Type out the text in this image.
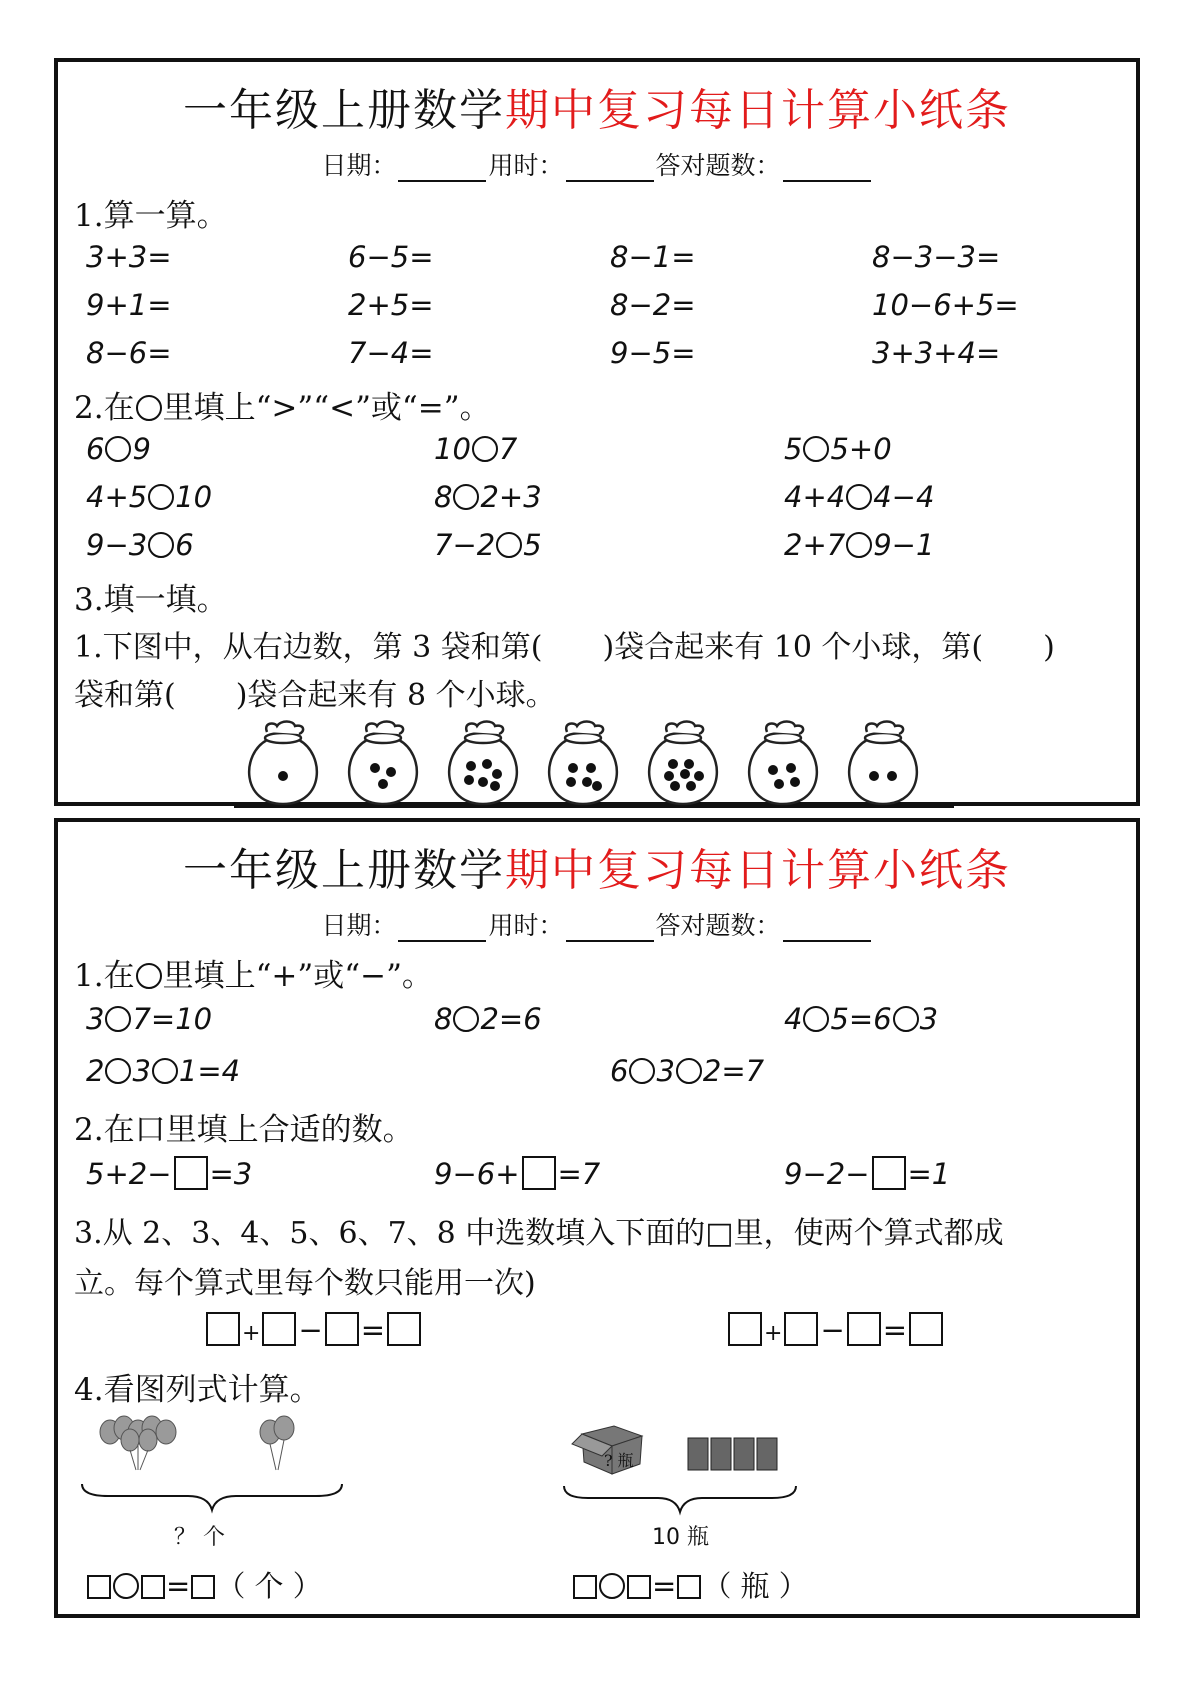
一年级上册数学期中复习每日计算小纸条
日期：	用时：	答对题数：
1.算一算。
3+3=	6−5=	8−1=	8−3−3=
9+1=	2+5=	8−2=	10−6+5=
8−6=	7−4=	9−5=	3+3+4=
2.在 里填上“>”“<”或“=”。
6 9	10 7	5 5+0
4+5 10	8 2+3	4+4 4−4
9−3 6	7−2 5	2+7 9−1
3.填一填。
1.下图中，从右边数，第 3 袋和第(　　)袋合起来有 10 个小球，第(　　)
袋和第(　　)袋合起来有 8 个小球。
一年级上册数学期中复习每日计算小纸条
日期：	用时：	答对题数：
1.在 里填上“+”或“−”。
3 7=10	8 2=6	4 5=6 3
2 3 1=4	6 3 2=7
2.在口里填上合适的数。
5+2− =3	9−6+ =7	9−2− =1
3.从 2、3、4、5、6、7、8 中选数填入下面的□里，使两个算式都成
立。每个算式里每个数只能用一次)
+ − =	+ − =
4.看图列式计算。
？ 个
? 瓶
10 瓶
= （ 个 ）	= （ 瓶 ）
